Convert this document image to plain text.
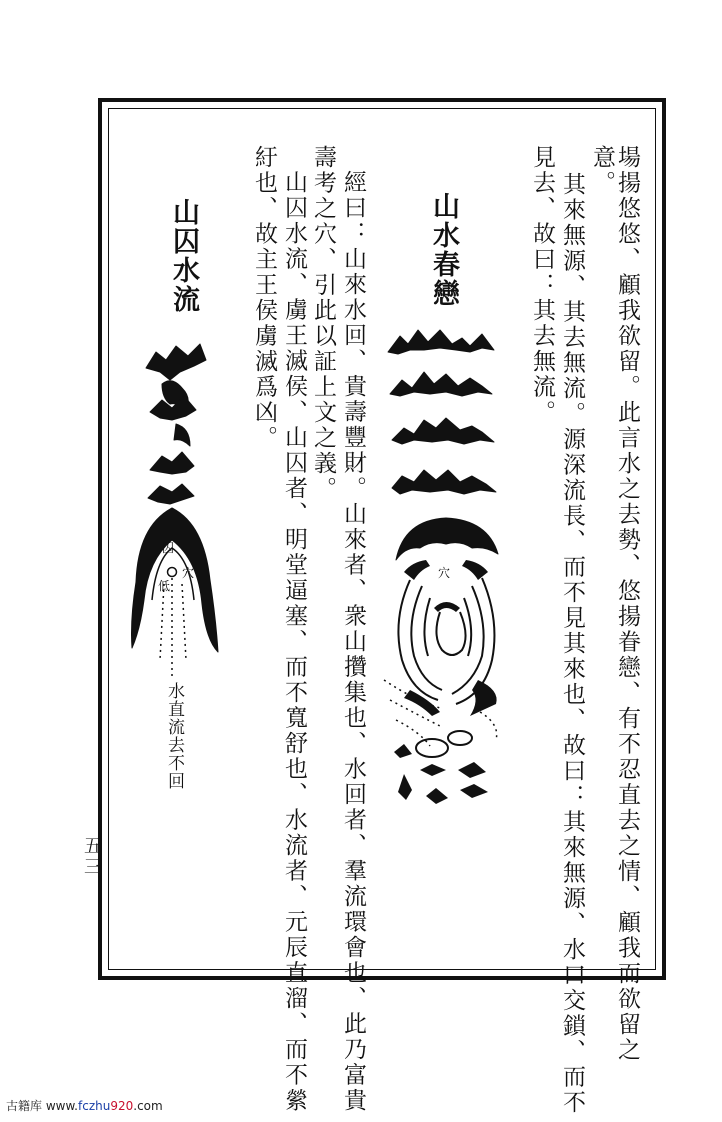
場揚悠悠、顧我欲留。此言水之去勢、悠揚眷戀、有不忍直去之情、顧我而欲留之
意。
其來無源、其去無流。源深流長、而不見其來也、故曰：其來無源、水口交鎖、而不
見去、故曰：其去無流。
經曰：山來水回、貴壽豐財。山來者、衆山攢集也、水回者、羣流環會也、此乃富貴
壽考之穴、引此以証上文之義。
山囚水流、虜王滅侯、山囚者、明堂逼塞、而不寬舒也、水流者、元辰直溜、而不縈
紆也、故主王侯虜滅爲凶。	山水春戀
穴
山囚水流
囚
穴
低
水直流去不回
五三
古籍库 www.fczhu920.com
